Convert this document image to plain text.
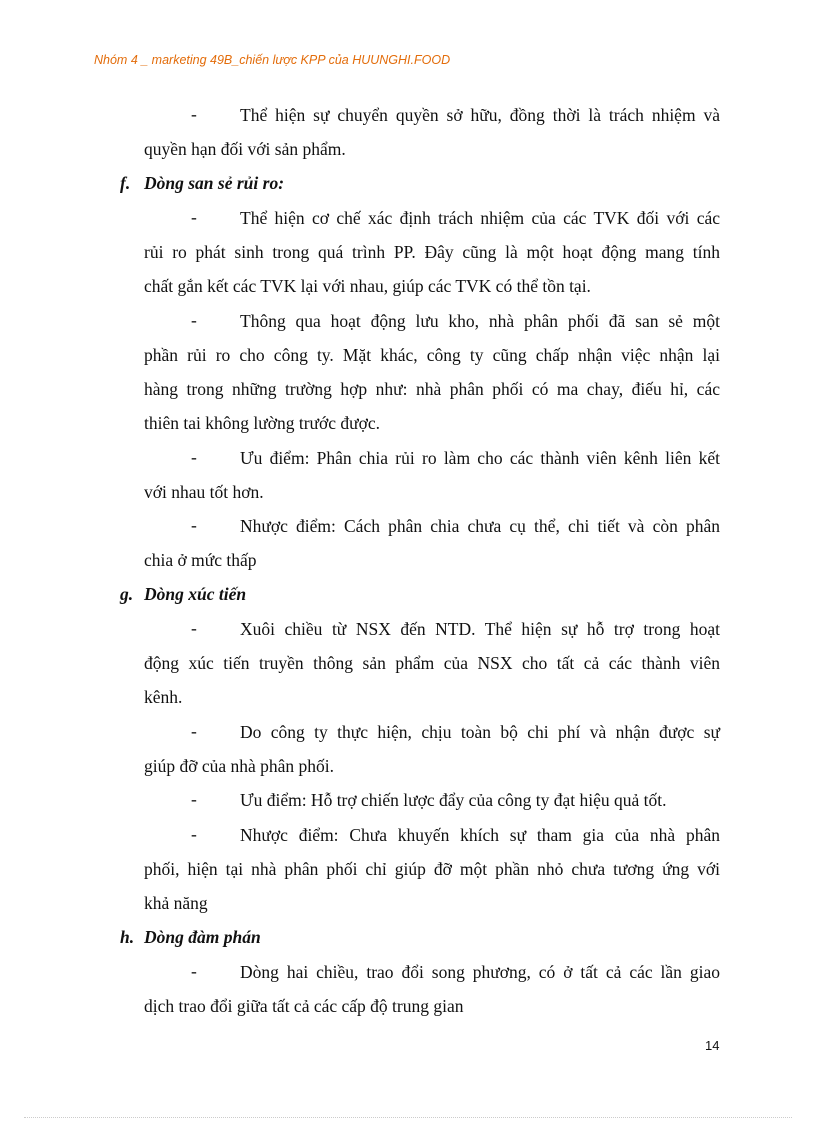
Nhóm 4 _ marketing 49B_chiến lược KPP của HUUNGHI.FOOD
- Thể hiện sự chuyển quyền sở hữu, đồng thời là trách nhiệm và
quyền hạn đối với sản phẩm.
f. Dòng san sẻ rủi ro:
- Thể hiện cơ chế xác định trách nhiệm của các TVK đối với các
rủi ro phát sinh trong quá trình PP. Đây cũng là một hoạt động mang tính
chất gắn kết các TVK lại với nhau, giúp các TVK có thể tồn tại.
- Thông qua hoạt động lưu kho, nhà phân phối đã san sẻ một
phần rủi ro cho công ty. Mặt khác, công ty cũng chấp nhận việc nhận lại
hàng trong những trường hợp như: nhà phân phối có ma chay, điếu hỉ, các
thiên tai không lường trước được.
- Ưu điểm: Phân chia rủi ro làm cho các thành viên kênh liên kết
với nhau tốt hơn.
- Nhược điểm: Cách phân chia chưa cụ thể, chi tiết và còn phân
chia ở mức thấp
g. Dòng xúc tiến
- Xuôi chiều từ NSX đến NTD. Thể hiện sự hỗ trợ trong hoạt
động xúc tiến truyền thông sản phẩm của NSX cho tất cả các thành viên
kênh.
- Do công ty thực hiện, chịu toàn bộ chi phí và nhận được sự
giúp đỡ của nhà phân phối.
- Ưu điểm: Hỗ trợ chiến lược đẩy của công ty đạt hiệu quả tốt.
- Nhược điểm: Chưa khuyến khích sự tham gia của nhà phân
phối, hiện tại nhà phân phối chỉ giúp đỡ một phần nhỏ chưa tương ứng với
khả năng
h. Dòng đàm phán
- Dòng hai chiều, trao đổi song phương, có ở tất cả các lần giao
dịch trao đổi giữa tất cả các cấp độ trung gian
14
